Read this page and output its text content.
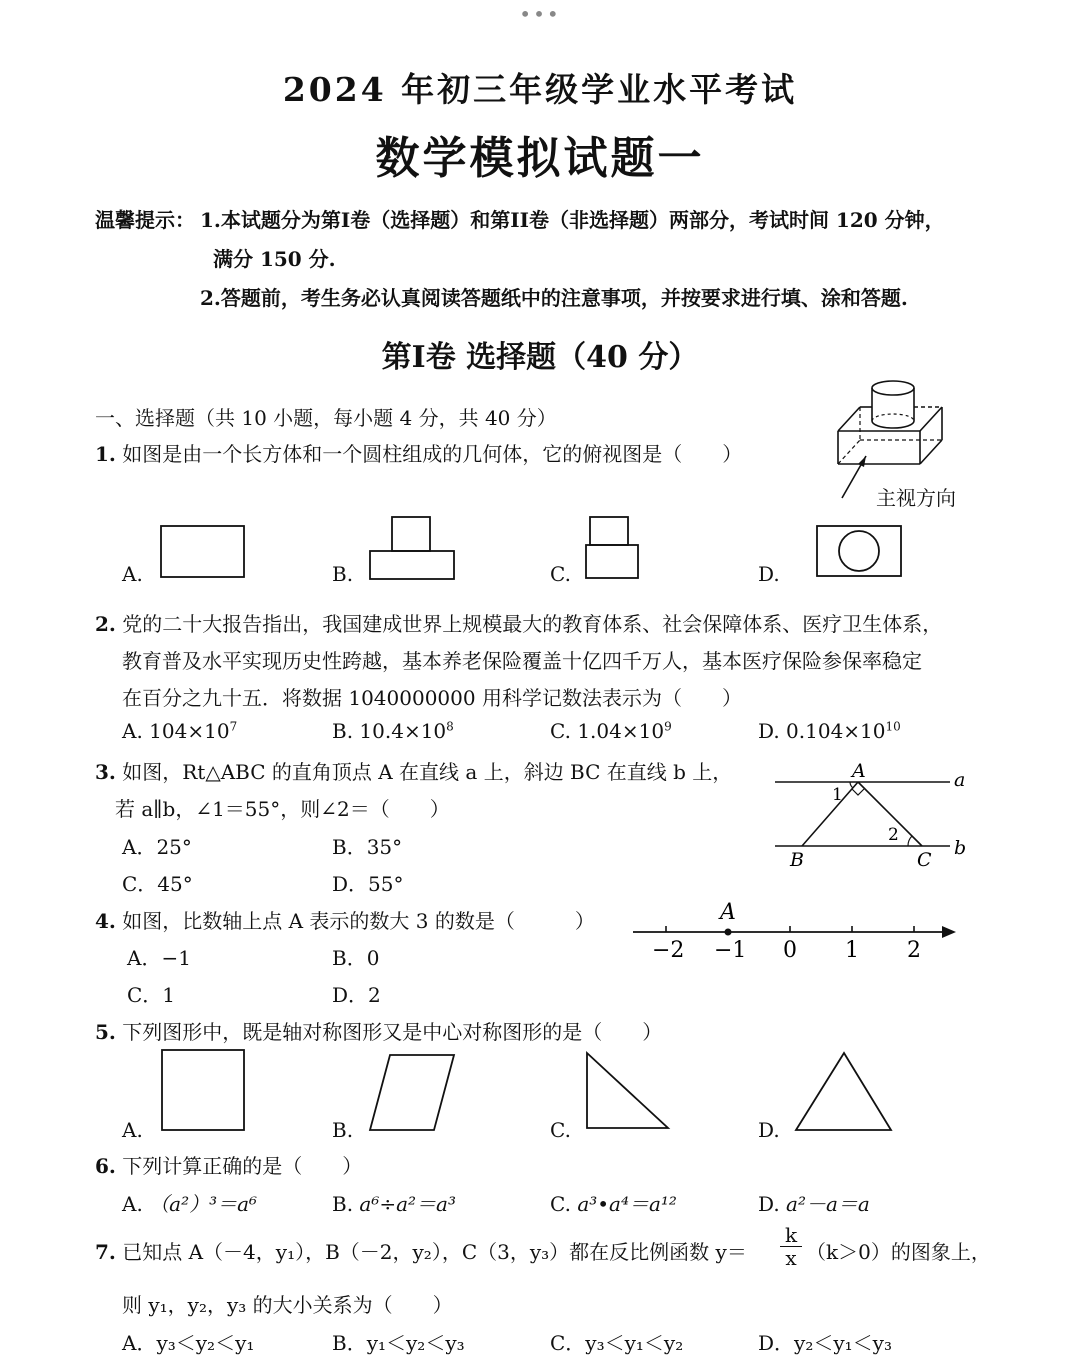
•••
2024 年初三年级学业水平考试
数学模拟试题一
温馨提示： 1.本试题分为第I卷（选择题）和第II卷（非选择题）两部分，考试时间 120 分钟，
满分 150 分.
2.答题前，考生务必认真阅读答题纸中的注意事项，并按要求进行填、涂和答题.
第I卷 选择题（40 分）
一、选择题（共 10 小题，每小题 4 分，共 40 分）
1. 如图是由一个长方体和一个圆柱组成的几何体，它的俯视图是（　　）
主视方向
A.	B.	C.	D.
2. 党的二十大报告指出，我国建成世界上规模最大的教育体系、社会保障体系、医疗卫生体系，
教育普及水平实现历史性跨越，基本养老保险覆盖十亿四千万人，基本医疗保险参保率稳定
在百分之九十五．将数据 1040000000 用科学记数法表示为（　　）
A. $104\times 10^7$	B. $10.4\times 10^8$	C. $1.04\times 10^9$	D. $0.104\times 10^{10}$
3. 如图，Rt△ABC 的直角顶点 A 在直线 a 上，斜边 BC 在直线 b 上，
若 a∥b，∠1＝55°，则∠2＝（　　）
A．25°	B．35°
C．45°	D．55°
A	a
b
B	C
1
2
4. 如图，比数轴上点 A 表示的数大 3 的数是（　　　）
A．−1	B．0
C．1	D．2
A
−2 −1 0 1 2
5. 下列图形中，既是轴对称图形又是中心对称图形的是（　　）
A.	B.	C.	D.
6. 下列计算正确的是（　　）
A. （a²）³＝a⁶	B. a⁶÷a²＝a³	C. a³•a⁴＝a¹²	D. a²－a＝a
7. 已知点 A（－4，y₁），B（－2，y₂），C（3，y₃）都在反比例函数 $y= \frac{k}{x} (k>0)$的图象上，
则 y₁，y₂，y₃ 的大小关系为（　　）
A．y₃＜y₂＜y₁	B．y₁＜y₂＜y₃	C．y₃＜y₁＜y₂	D．y₂＜y₁＜y₃
